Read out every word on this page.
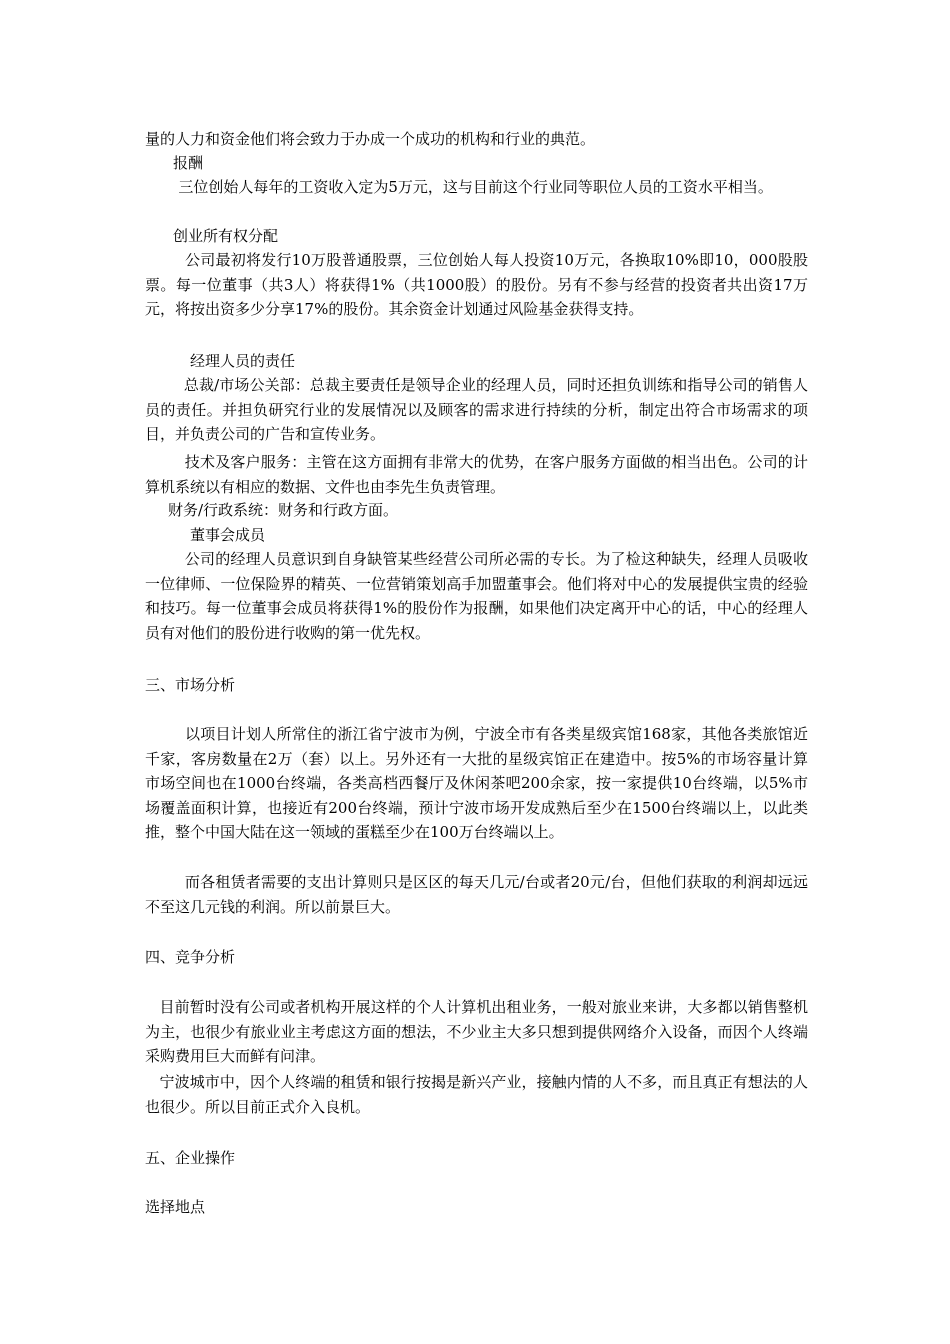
量的人力和资金他们将会致力于办成一个成功的机构和行业的典范。

报酬

三位创始人每年的工资收入定为5万元，这与目前这个行业同等职位人员的工资水平相当。

创业所有权分配

公司最初将发行10万股普通股票，三位创始人每人投资10万元，各换取10%即10，000股股票。每一位董事（共3人）将获得1%（共1000股）的股份。另有不参与经营的投资者共出资17万元，将按出资多少分享17%的股份。其余资金计划通过风险基金获得支持。

经理人员的责任

总裁/市场公关部：总裁主要责任是领导企业的经理人员，同时还担负训练和指导公司的销售人员的责任。并担负研究行业的发展情况以及顾客的需求进行持续的分析，制定出符合市场需求的项目，并负责公司的广告和宣传业务。

技术及客户服务：主管在这方面拥有非常大的优势，在客户服务方面做的相当出色。公司的计算机系统以有相应的数据、文件也由李先生负责管理。

财务/行政系统：财务和行政方面。

董事会成员

公司的经理人员意识到自身缺管某些经营公司所必需的专长。为了检这种缺失，经理人员吸收一位律师、一位保险界的精英、一位营销策划高手加盟董事会。他们将对中心的发展提供宝贵的经验和技巧。每一位董事会成员将获得1%的股份作为报酬，如果他们决定离开中心的话，中心的经理人员有对他们的股份进行收购的第一优先权。

三、市场分析

以项目计划人所常住的浙江省宁波市为例，宁波全市有各类星级宾馆168家，其他各类旅馆近千家，客房数量在2万（套）以上。另外还有一大批的星级宾馆正在建造中。按5%的市场容量计算市场空间也在1000台终端，各类高档西餐厅及休闲茶吧200余家，按一家提供10台终端，以5%市场覆盖面积计算，也接近有200台终端，预计宁波市场开发成熟后至少在1500台终端以上，以此类推，整个中国大陆在这一领域的蛋糕至少在100万台终端以上。

而各租赁者需要的支出计算则只是区区的每天几元/台或者20元/台，但他们获取的利润却远远不至这几元钱的利润。所以前景巨大。

四、竞争分析

目前暂时没有公司或者机构开展这样的个人计算机出租业务，一般对旅业来讲，大多都以销售整机为主，也很少有旅业业主考虑这方面的想法，不少业主大多只想到提供网络介入设备，而因个人终端采购费用巨大而鲜有问津。

宁波城市中，因个人终端的租赁和银行按揭是新兴产业，接触内情的人不多，而且真正有想法的人也很少。所以目前正式介入良机。

五、企业操作

选择地点
